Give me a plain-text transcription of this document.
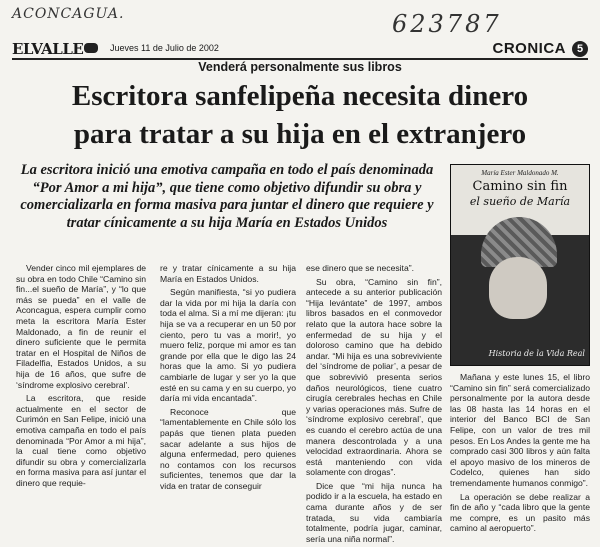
ACONCAGUA.	623787
ELVALLE	Jueves 11 de Julio de 2002	CRONICA 5
Venderá personalmente sus libros
Escritora sanfelipeña necesita dinero
para tratar a su hija en el extranjero

La escritora inició una emotiva campaña en todo el país denominada “Por Amor a mi hija”, que tiene como objetivo difundir su obra y comercializarla en forma masiva para juntar el dinero que requiere y tratar cínicamente a su hija María en Estados Unidos

María Ester Maldonado M.
Camino sin fin
el sueño de María
Historia de la Vida Real

Vender cinco mil ejemplares de su obra en todo Chile “Camino sin fin...el sueño de María”, y “lo que más se pueda” en el valle de Aconcagua, espera cumplir como meta la escritora María Ester Maldonado, a fin de reunir el dinero suficiente que le permita tratar en el Hospital de Niños de Filadelfia, Estados Unidos, a su hija de 16 años, que sufre de ‘síndrome explosivo cerebral’.

La escritora, que reside actualmente en el sector de Curimón en San Felipe, inició una emotiva campaña en todo el país denominada “Por Amor a mi hija”, la cual tiene como objetivo difundir su obra y comercializarla en forma masiva para así juntar el dinero que requie-

re y tratar cínicamente a su hija María en Estados Unidos.

Según manifiesta, “si yo pudiera dar la vida por mi hija la daría con toda el alma. Si a mí me dijeran: ¡tu hija se va a recuperar en un 50 por ciento, pero tu vas a morir!, yo muero feliz, porque mi amor es tan grande por ella que le digo las 24 horas que la amo. Si yo pudiera cambiarle de lugar y ser yo la que esté en su cama y en su cuerpo, yo daría mi vida encantada”.

Reconoce que “lamentablemente en Chile sólo los papás que tienen plata pueden sacar adelante a sus hijos de alguna enfermedad, pero quienes no contamos con los recursos suficientes, tenemos que dar la vida en tratar de conseguir

ese dinero que se necesita”.

Su obra, “Camino sin fin”, antecede a su anterior publicación “Hija levántate” de 1997, ambos libros basados en el conmovedor relato que la autora hace sobre la enfermedad de su hija y el doloroso camino que ha debido andar. “Mi hija es una sobreviviente del ‘síndrome de poliar’, a pesar de que sobrevivió presenta serios daños neurológicos, tiene cuatro cirugía cerebrales hechas en Chile y varias operaciones más. Sufre de ‘síndrome explosivo cerebral’, que es cuando el cerebro actúa de una manera descontrolada y a una velocidad extraordinaria. Ahora se está manteniendo con vida solamente con drogas”.

Dice que “mi hija nunca ha podido ir a la escuela, ha estado en cama durante años y de ser tratada, su vida cambiaría totalmente, podría jugar, caminar, sería una niña normal”.

Mañana y este lunes 15, el libro “Camino sin fin” será comercializado personalmente por la autora desde las 08 hasta las 14 horas en el interior del Banco BCI de San Felipe, con un valor de tres mil pesos. En Los Andes la gente me ha comprado casi 300 libros y aún falta el apoyo masivo de los mineros de Codelco, quienes han sido tremendamente humanos conmigo”.

La operación se debe realizar a fin de año y “cada libro que la gente me compre, es un pasito más camino al aeropuerto”.
